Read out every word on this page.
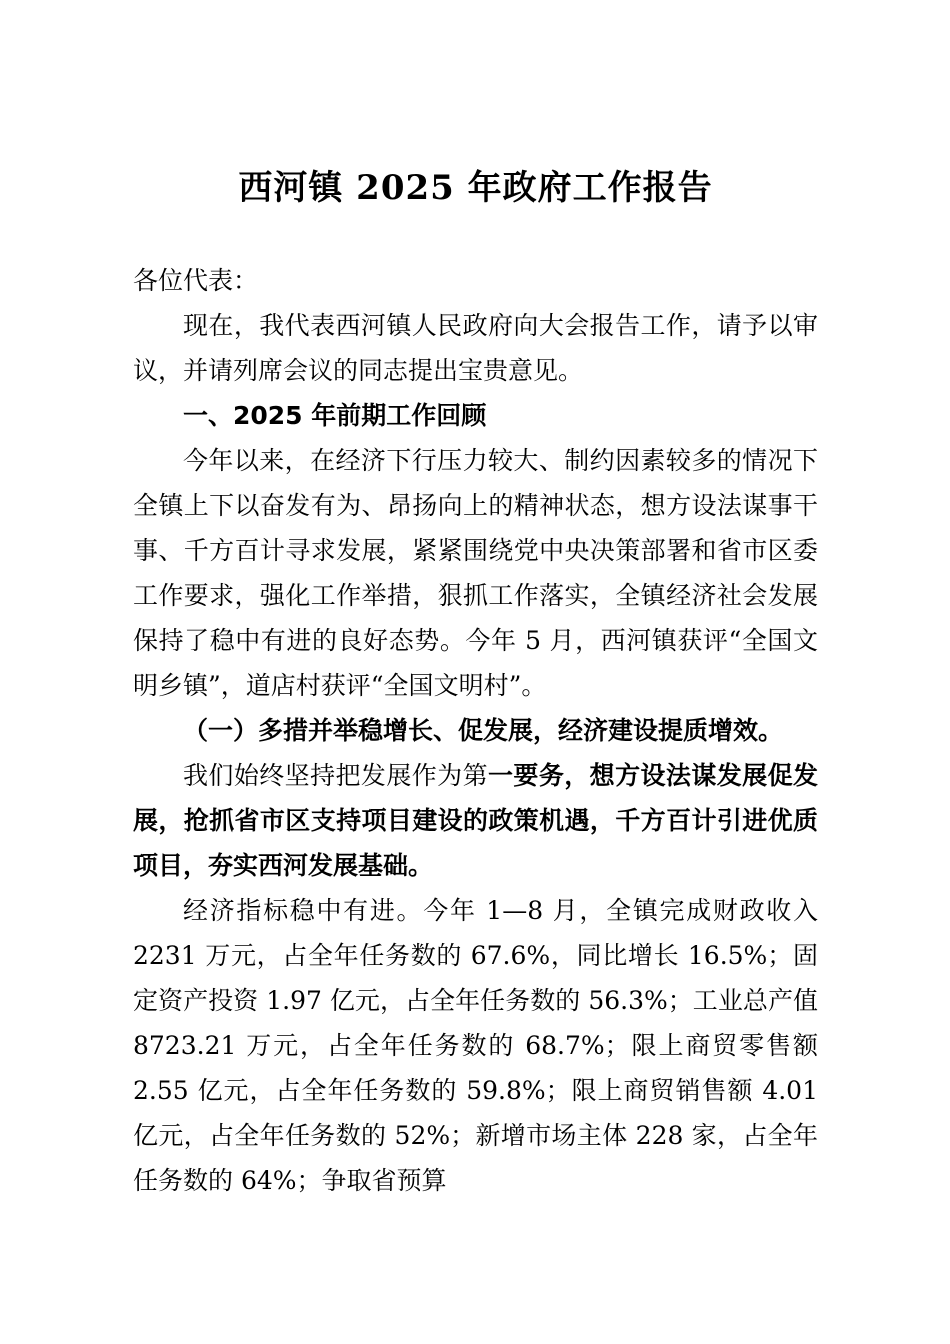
西河镇 2025 年政府工作报告

各位代表：

现在，我代表西河镇人民政府向大会报告工作，请予以审议，并请列席会议的同志提出宝贵意见。

一、2025 年前期工作回顾

今年以来，在经济下行压力较大、制约因素较多的情况下全镇上下以奋发有为、昂扬向上的精神状态，想方设法谋事干事、千方百计寻求发展，紧紧围绕党中央决策部署和省市区委工作要求，强化工作举措，狠抓工作落实，全镇经济社会发展保持了稳中有进的良好态势。今年 5 月，西河镇获评“全国文明乡镇”，道店村获评“全国文明村”。

（一）多措并举稳增长、促发展，经济建设提质增效。

我们始终坚持把发展作为第一要务，想方设法谋发展促发展，抢抓省市区支持项目建设的政策机遇，千方百计引进优质项目，夯实西河发展基础。

经济指标稳中有进。今年 1—8 月，全镇完成财政收入 2231 万元，占全年任务数的 67.6%，同比增长 16.5%；固定资产投资 1.97 亿元，占全年任务数的 56.3%；工业总产值 8723.21 万元，占全年任务数的 68.7%；限上商贸零售额 2.55 亿元，占全年任务数的 59.8%；限上商贸销售额 4.01 亿元，占全年任务数的 52%；新增市场主体 228 家，占全年任务数的 64%；争取省预算
